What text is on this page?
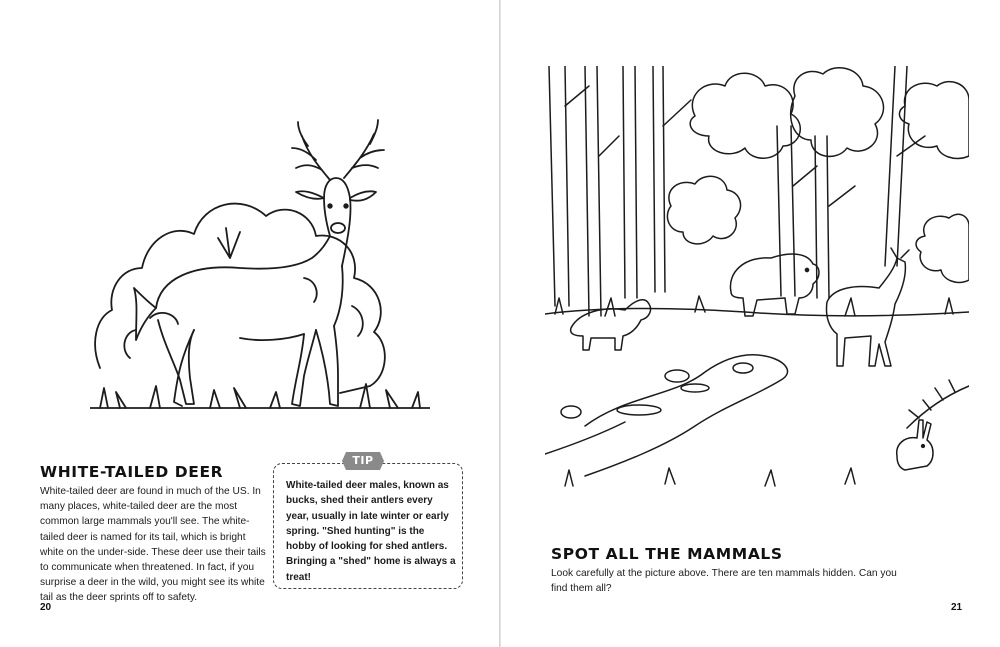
WHITE-TAILED DEER

White-tailed deer are found in much of the US. In many places, white-tailed deer are the most common large mammals you'll see. The white-tailed deer is named for its tail, which is bright white on the under-side. These deer use their tails to communicate when threatened. In fact, if you surprise a deer in the wild, you might see its white tail as the deer sprints off to safety.

TIP

White-tailed deer males, known as bucks, shed their antlers every year, usually in late winter or early spring. "Shed hunting" is the hobby of looking for shed antlers. Bringing a "shed" home is always a treat!

20
SPOT ALL THE MAMMALS

Look carefully at the picture above. There are ten mammals hidden. Can you find them all?

21
